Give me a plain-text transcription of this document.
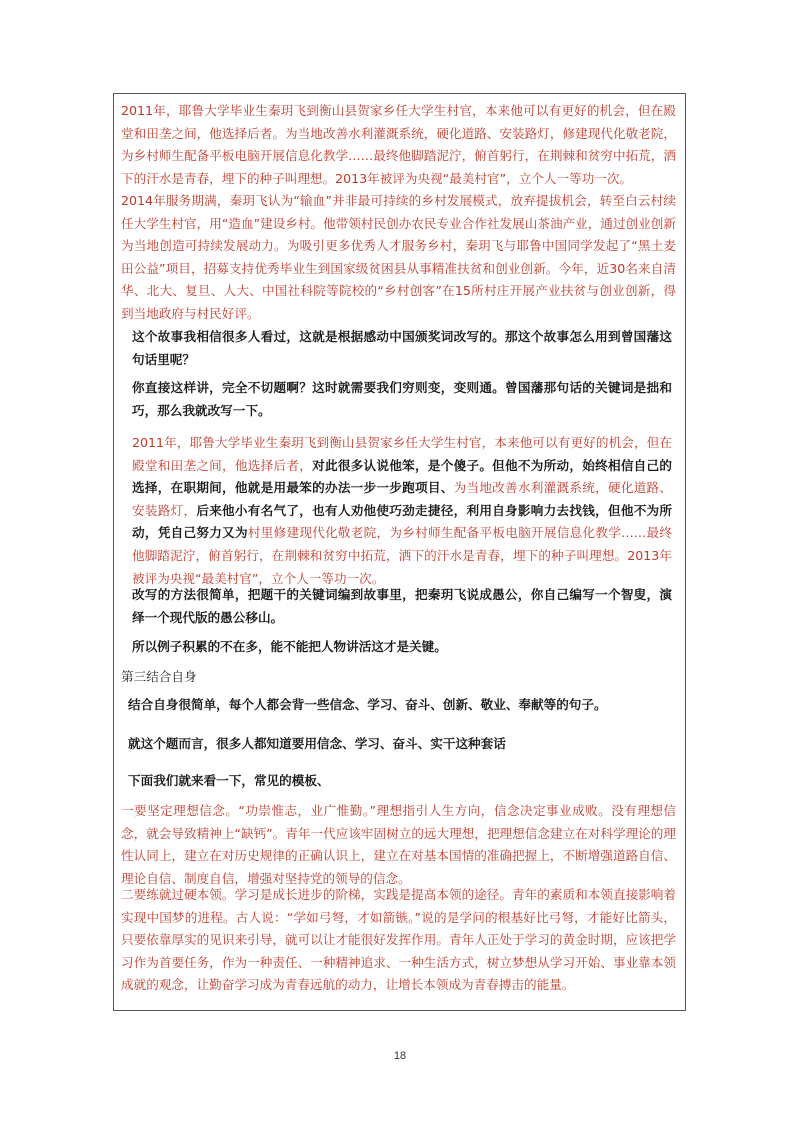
2011年，耶鲁大学毕业生秦玥飞到衡山县贺家乡任大学生村官，本来他可以有更好的机会，但在殿堂和田垄之间，他选择后者。为当地改善水利灌溉系统，硬化道路、安装路灯，修建现代化敬老院，为乡村师生配备平板电脑开展信息化教学……最终他脚踏泥泞，俯首躬行，在荆棘和贫穷中拓荒，洒下的汗水是青春，埋下的种子叫理想。2013年被评为央视“最美村官”，立个人一等功一次。

2014年服务期满，秦玥飞认为“输血”并非最可持续的乡村发展模式，放弃提拔机会，转至白云村续任大学生村官，用“造血”建设乡村。他带领村民创办农民专业合作社发展山茶油产业，通过创业创新为当地创造可持续发展动力。为吸引更多优秀人才服务乡村，秦玥飞与耶鲁中国同学发起了“黑土麦田公益”项目，招募支持优秀毕业生到国家级贫困县从事精准扶贫和创业创新。今年，近30名来自清华、北大、复旦、人大、中国社科院等院校的“乡村创客”在15所村庄开展产业扶贫与创业创新，得到当地政府与村民好评。

这个故事我相信很多人看过，这就是根据感动中国颁奖词改写的。那这个故事怎么用到曾国藩这句话里呢？

你直接这样讲，完全不切题啊？这时就需要我们穷则变，变则通。曾国藩那句话的关键词是拙和巧，那么我就改写一下。

2011年，耶鲁大学毕业生秦玥飞到衡山县贺家乡任大学生村官，本来他可以有更好的机会，但在殿堂和田垄之间，他选择后者，对此很多认说他笨，是个傻子。但他不为所动，始终相信自己的选择，在职期间，他就是用最笨的办法一步一步跑项目、为当地改善水利灌溉系统，硬化道路、安装路灯，后来他小有名气了，也有人劝他使巧劲走捷径，利用自身影响力去找钱，但他不为所动，凭自己努力又为村里修建现代化敬老院，为乡村师生配备平板电脑开展信息化教学……最终他脚踏泥泞，俯首躬行，在荆棘和贫穷中拓荒，洒下的汗水是青春，埋下的种子叫理想。2013年被评为央视“最美村官”，立个人一等功一次。

改写的方法很简单，把题干的关键词编到故事里，把秦玥飞说成愚公，你自己编写一个智叟，演绎一个现代版的愚公移山。

所以例子积累的不在多，能不能把人物讲活这才是关键。

第三结合自身

结合自身很简单，每个人都会背一些信念、学习、奋斗、创新、敬业、奉献等的句子。

就这个题而言，很多人都知道要用信念、学习、奋斗、实干这种套话

下面我们就来看一下，常见的模板、

一要坚定理想信念。“功崇惟志，业广惟勤。”理想指引人生方向，信念决定事业成败。没有理想信念，就会导致精神上“缺钙”。青年一代应该牢固树立的远大理想，把理想信念建立在对科学理论的理性认同上，建立在对历史规律的正确认识上，建立在对基本国情的准确把握上，不断增强道路自信、理论自信、制度自信，增强对坚持党的领导的信念。

二要练就过硬本领。学习是成长进步的阶梯，实践是提高本领的途径。青年的素质和本领直接影响着实现中国梦的进程。古人说：“学如弓弩，才如箭镞。”说的是学问的根基好比弓弩，才能好比箭头，只要依靠厚实的见识来引导，就可以让才能很好发挥作用。青年人正处于学习的黄金时期，应该把学习作为首要任务，作为一种责任、一种精神追求、一种生活方式，树立梦想从学习开始、事业靠本领成就的观念，让勤奋学习成为青春远航的动力，让增长本领成为青春搏击的能量。

18
